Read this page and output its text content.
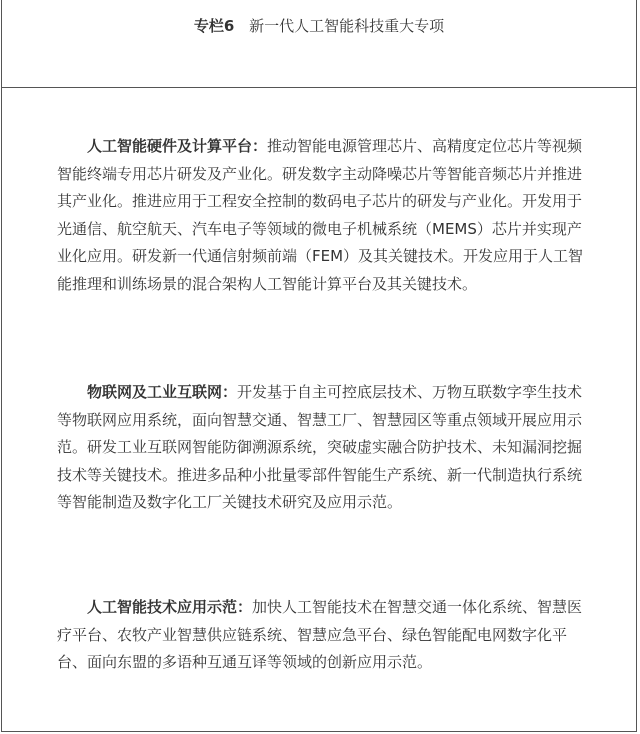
专栏6 新一代人工智能科技重大专项

人工智能硬件及计算平台：推动智能电源管理芯片、高精度定位芯片等视频智能终端专用芯片研发及产业化。研发数字主动降噪芯片等智能音频芯片并推进其产业化。推进应用于工程安全控制的数码电子芯片的研发与产业化。开发用于光通信、航空航天、汽车电子等领域的微电子机械系统（MEMS）芯片并实现产业化应用。研发新一代通信射频前端（FEM）及其关键技术。开发应用于人工智能推理和训练场景的混合架构人工智能计算平台及其关键技术。

物联网及工业互联网：开发基于自主可控底层技术、万物互联数字孪生技术等物联网应用系统，面向智慧交通、智慧工厂、智慧园区等重点领域开展应用示范。研发工业互联网智能防御溯源系统，突破虚实融合防护技术、未知漏洞挖掘技术等关键技术。推进多品种小批量零部件智能生产系统、新一代制造执行系统等智能制造及数字化工厂关键技术研究及应用示范。

人工智能技术应用示范：加快人工智能技术在智慧交通一体化系统、智慧医疗平台、农牧产业智慧供应链系统、智慧应急平台、绿色智能配电网数字化平台、面向东盟的多语种互通互译等领域的创新应用示范。
